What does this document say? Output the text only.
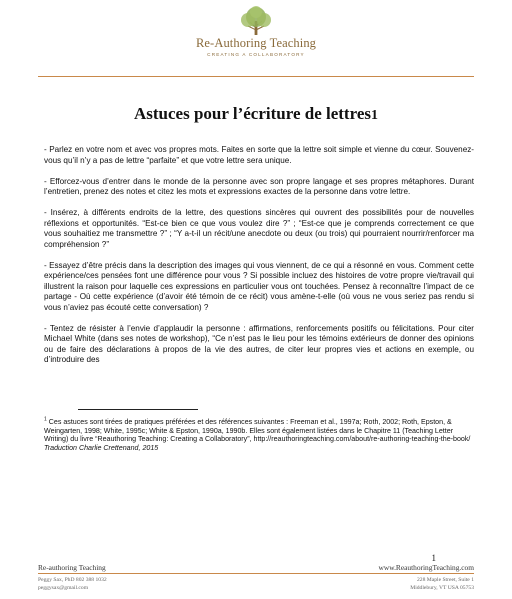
Re-Authoring Teaching
CREATING A COLLABORATORY
Astuces pour l’écriture de lettres1

- Parlez en votre nom et avec vos propres mots. Faites en sorte que la lettre soit simple et vienne du cœur. Souvenez-vous qu’il n’y a pas de lettre “parfaite” et que votre lettre sera unique.

- Efforcez-vous d’entrer dans le monde de la personne avec son propre langage et ses propres métaphores. Durant l’entretien, prenez des notes et citez les mots et expressions exactes de la personne dans votre lettre.

- Insérez, à différents endroits de la lettre, des questions sincères qui ouvrent des possibilités pour de nouvelles réflexions et opportunités. “Est-ce bien ce que vous voulez dire ?” ; “Est-ce que je comprends correctement ce que vous souhaitiez me transmettre ?” ; “Y a-t-il un récit/une anecdote ou deux (ou trois) qui pourraient nourrir/renforcer ma compréhension ?”

- Essayez d’être précis dans la description des images qui vous viennent, de ce qui a résonné en vous. Comment cette expérience/ces pensées font une différence pour vous ? Si possible incluez des histoires de votre propre vie/travail qui illustrent la raison pour laquelle ces expressions en particulier vous ont touchées. Pensez à reconnaître l’impact de ce partage - Où cette expérience (d’avoir été témoin de ce récit) vous amène-t-elle (où vous ne vous seriez pas rendu si vous n’aviez pas écouté cette conversation) ?

- Tentez de résister à l’envie d’applaudir la personne : affirmations, renforcements positifs ou félicitations. Pour citer Michael White (dans ses notes de workshop), “Ce n’est pas le lieu pour les témoins extérieurs de donner des opinions ou de faire des déclarations à propos de la vie des autres, de citer leur propres vies et actions en exemple, ou d’introduire des

$^1$ Ces astuces sont tirées de pratiques préférées et des références suivantes : Freeman et al., 1997a; Roth, 2002; Roth, Epston, & Weingarten, 1998; White, 1995c; White & Epston, 1990a, 1990b. Elles sont également listées dans le Chapitre 11 (Teaching Letter Writing) du livre “Reauthoring Teaching: Creating a Collaboratory”, http://reauthoringteaching.com/about/re-authoring-teaching-the-book/

Traduction Charlie Crettenand, 2015

1
Re-authoring Teaching	www.ReauthoringTeaching.com
Peggy Sax, PhD 802 388 1032
peggysax@gmail.com
228 Maple Street, Suite 1
Middlebury, VT USA 05753
